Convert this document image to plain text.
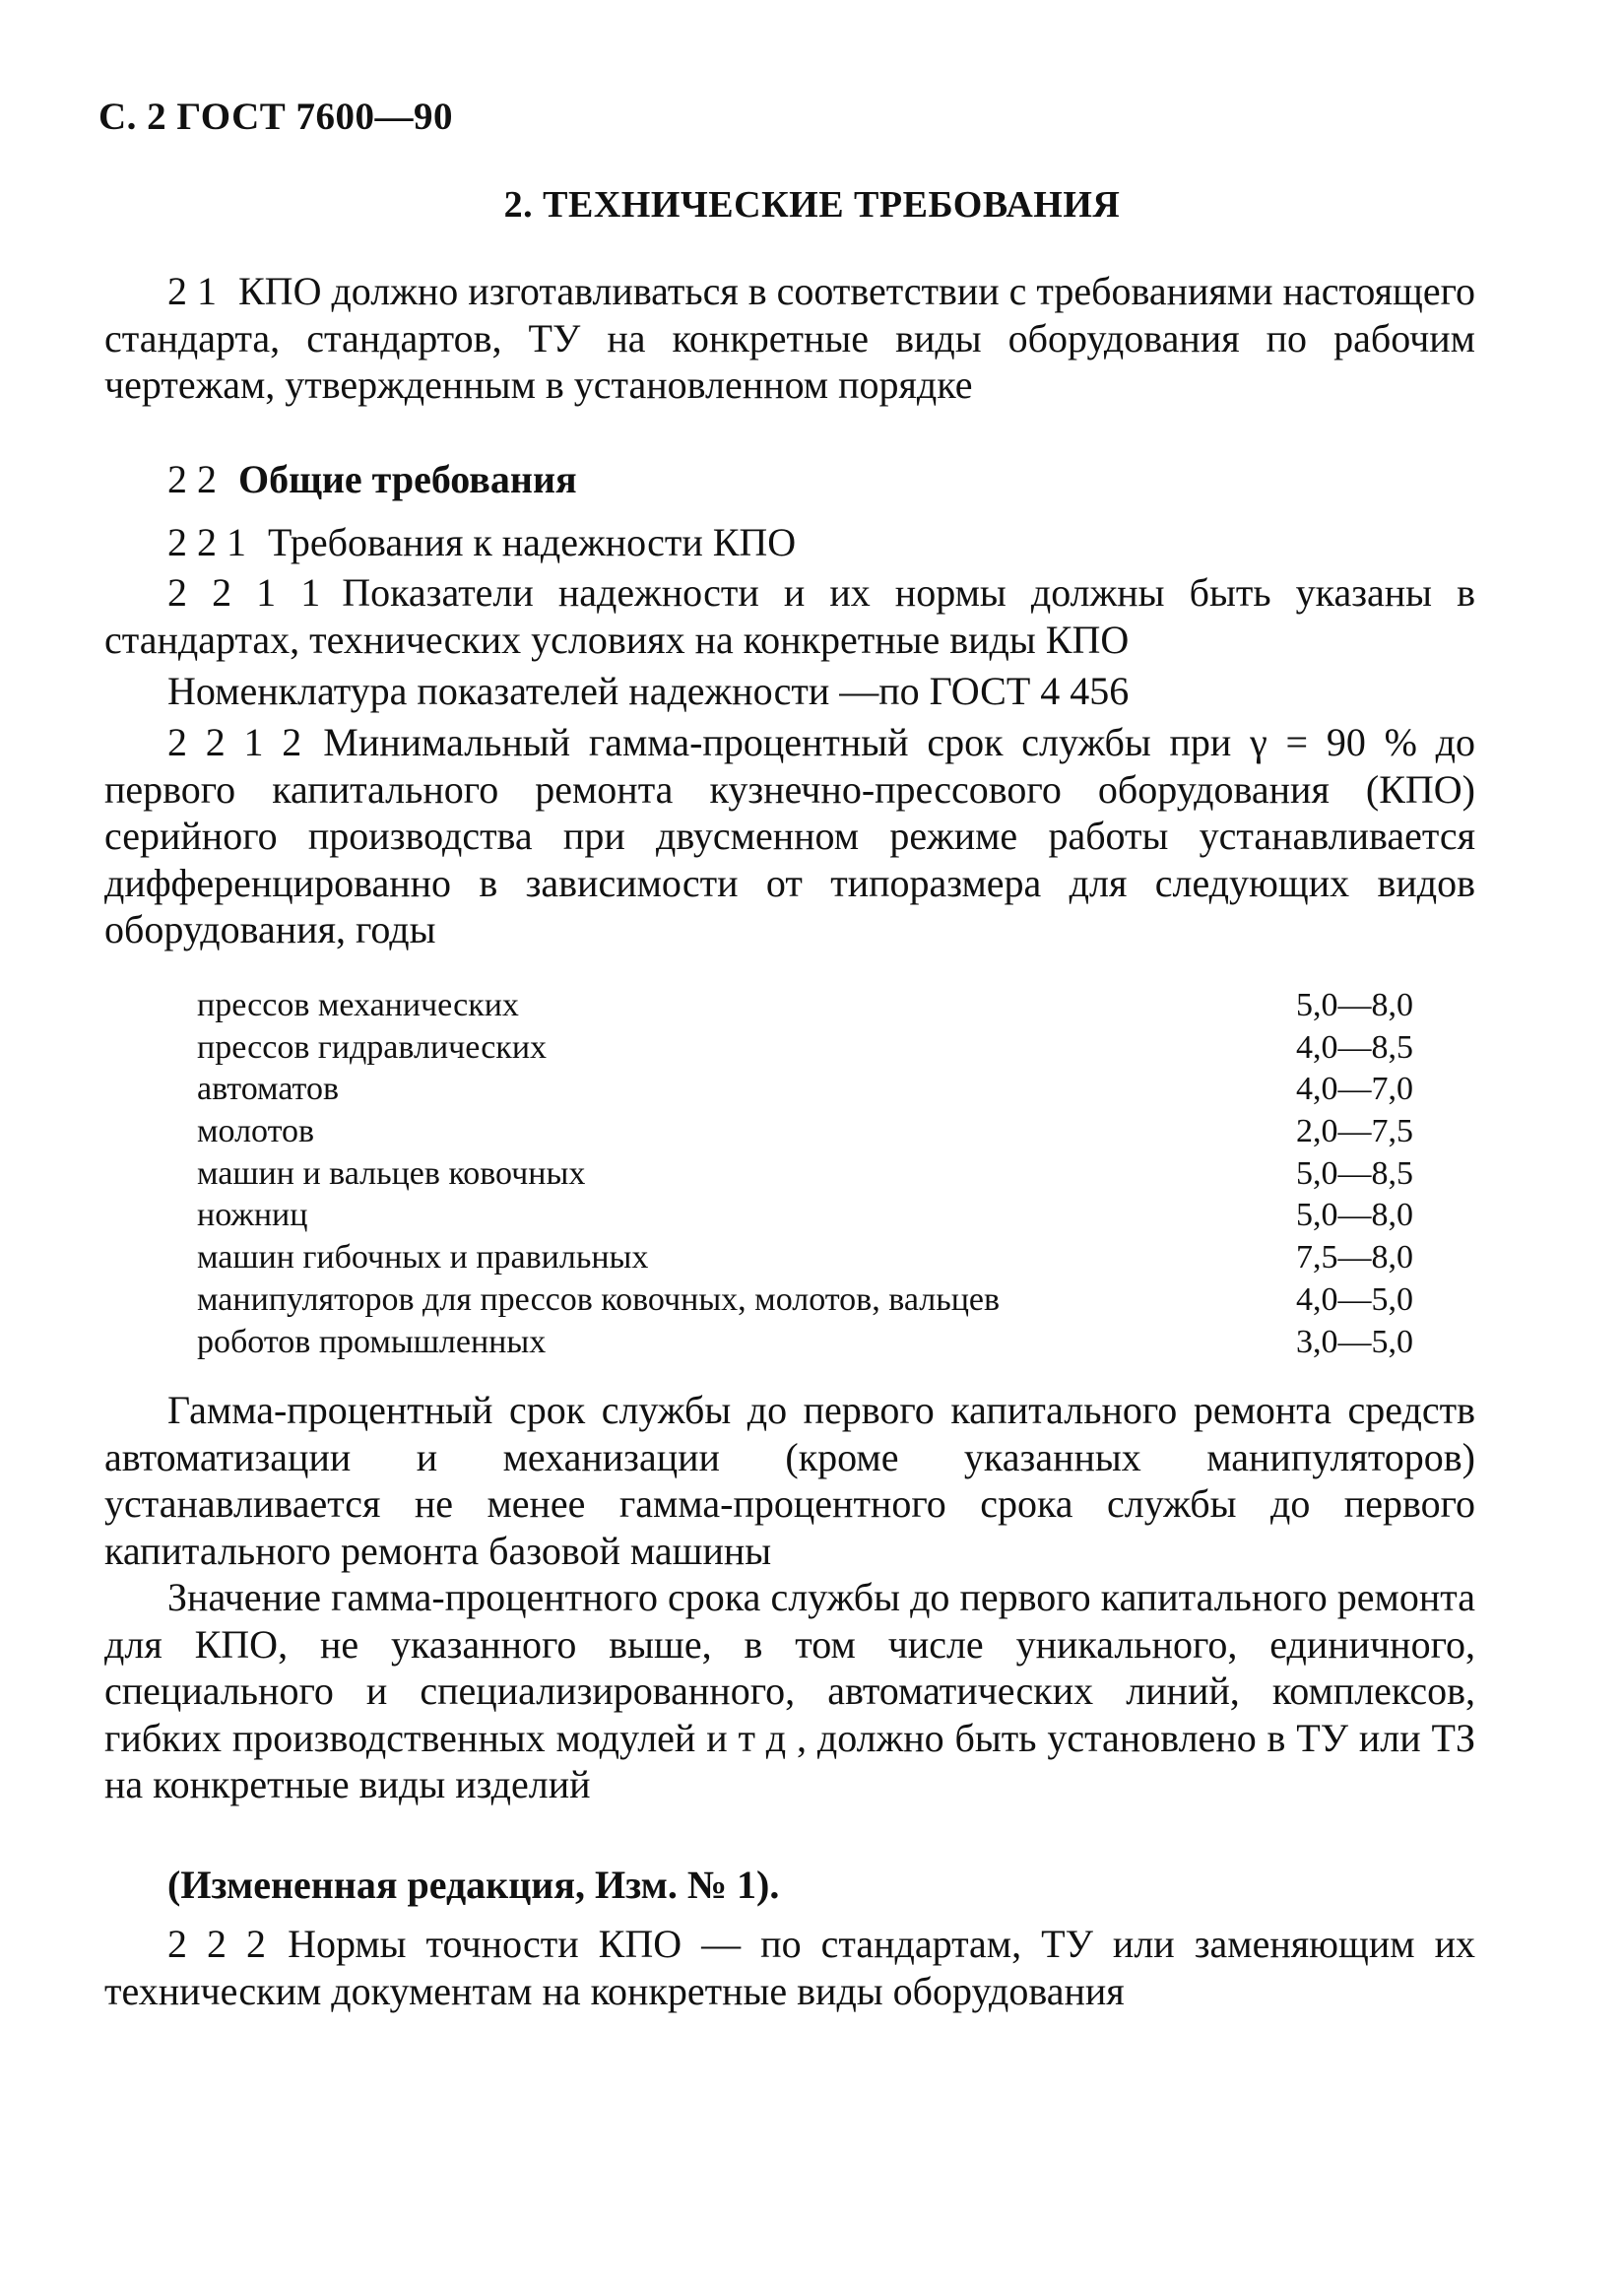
С. 2 ГОСТ 7600—90
2. ТЕХНИЧЕСКИЕ ТРЕБОВАНИЯ
2 1 КПО должно изготавливаться в соответствии с требованиями настоящего стандарта, стандартов, ТУ на конкретные виды оборудования по рабочим чертежам, утвержденным в установленном порядке
2 2 Общие требования
2 2 1 Требования к надежности КПО
2 2 1 1 Показатели надежности и их нормы должны быть указаны в стандартах, технических условиях на конкретные виды КПО
Номенклатура показателей надежности —по ГОСТ 4 456
2 2 1 2 Минимальный гамма-процентный срок службы при γ = 90 % до первого капитального ремонта кузнечно-прессового оборудования (КПО) серийного производства при двусменном режиме работы устанавливается дифференцированно в зависимости от типоразмера для следующих видов оборудования, годы
прессов механических	5,0—8,0
прессов гидравлических	4,0—8,5
автоматов	4,0—7,0
молотов	2,0—7,5
машин и вальцев ковочных	5,0—8,5
ножниц	5,0—8,0
машин гибочных и правильных	7,5—8,0
манипуляторов для прессов ковочных, молотов, вальцев	4,0—5,0
роботов промышленных	3,0—5,0
Гамма-процентный срок службы до первого капитального ремонта средств автоматизации и механизации (кроме указанных манипуляторов) устанавливается не менее гамма-процентного срока службы до первого капитального ремонта базовой машины
Значение гамма-процентного срока службы до первого капитального ремонта для КПО, не указанного выше, в том числе уникального, единичного, специального и специализированного, автоматических линий, комплексов, гибких производственных модулей и т д , должно быть установлено в ТУ или ТЗ на конкретные виды изделий
(Измененная редакция, Изм. № 1).
2 2 2 Нормы точности КПО — по стандартам, ТУ или заменяющим их техническим документам на конкретные виды оборудования
